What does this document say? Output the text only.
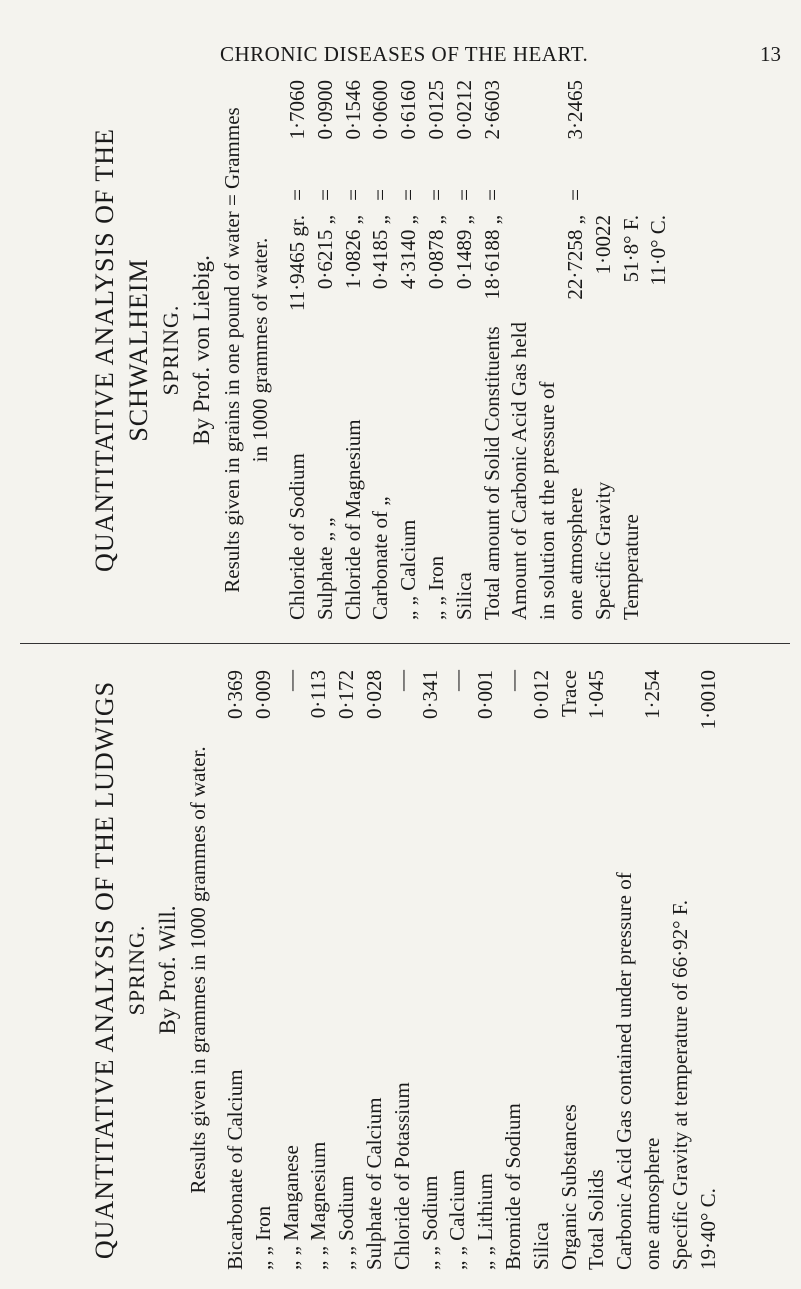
CHRONIC DISEASES OF THE HEART.	13
QUANTITATIVE ANALYSIS OF THE SCHWALHEIM SPRING. By Prof. von Liebig. Results given in grains in one pound of water = Grammes in 1000 grammes of water.
Chloride of Sodium
11·9465 gr.
=
1·7060
Sulphate „ „
0·6215 „
=
0·0900
Chloride of Magnesium
1·0826 „
=
0·1546
Carbonate of „
0·4185 „
=
0·0600
„ „ Calcium
4·3140 „
=
0·6160
„ „ Iron
0·0878 „
=
0·0125
Silica
0·1489 „
=
0·0212
Total amount of Solid Constituents
18·6188 „
=
2·6603
Amount of Carbonic Acid Gas held in solution at the pressure of one atmosphere
22·7258 „
=
3·2465
Specific Gravity
1·0022
Temperature
51·8° F. 11·0° C.
QUANTITATIVE ANALYSIS OF THE LUDWIGS SPRING. By Prof. Will. Results given in grammes in 1000 grammes of water. Bicarbonate of Calcium
0·369
„ „ Iron
0·009
„ „ Manganese
—
„ „ Magnesium
0·113
„ „ Sodium
0·172
Sulphate of Calcium
0·028
Chloride of Potassium
—
„ „ Sodium
0·341
„ „ Calcium
—
„ „ Lithium
0·001
Bromide of Sodium
—
Silica
0·012
Organic Substances
Trace
Total Solids
1·045
Carbonic Acid Gas contained under pressure of one atmosphere
1·254
Specific Gravity at temperature of 66·92° F. 19·40° C.
1·0010
